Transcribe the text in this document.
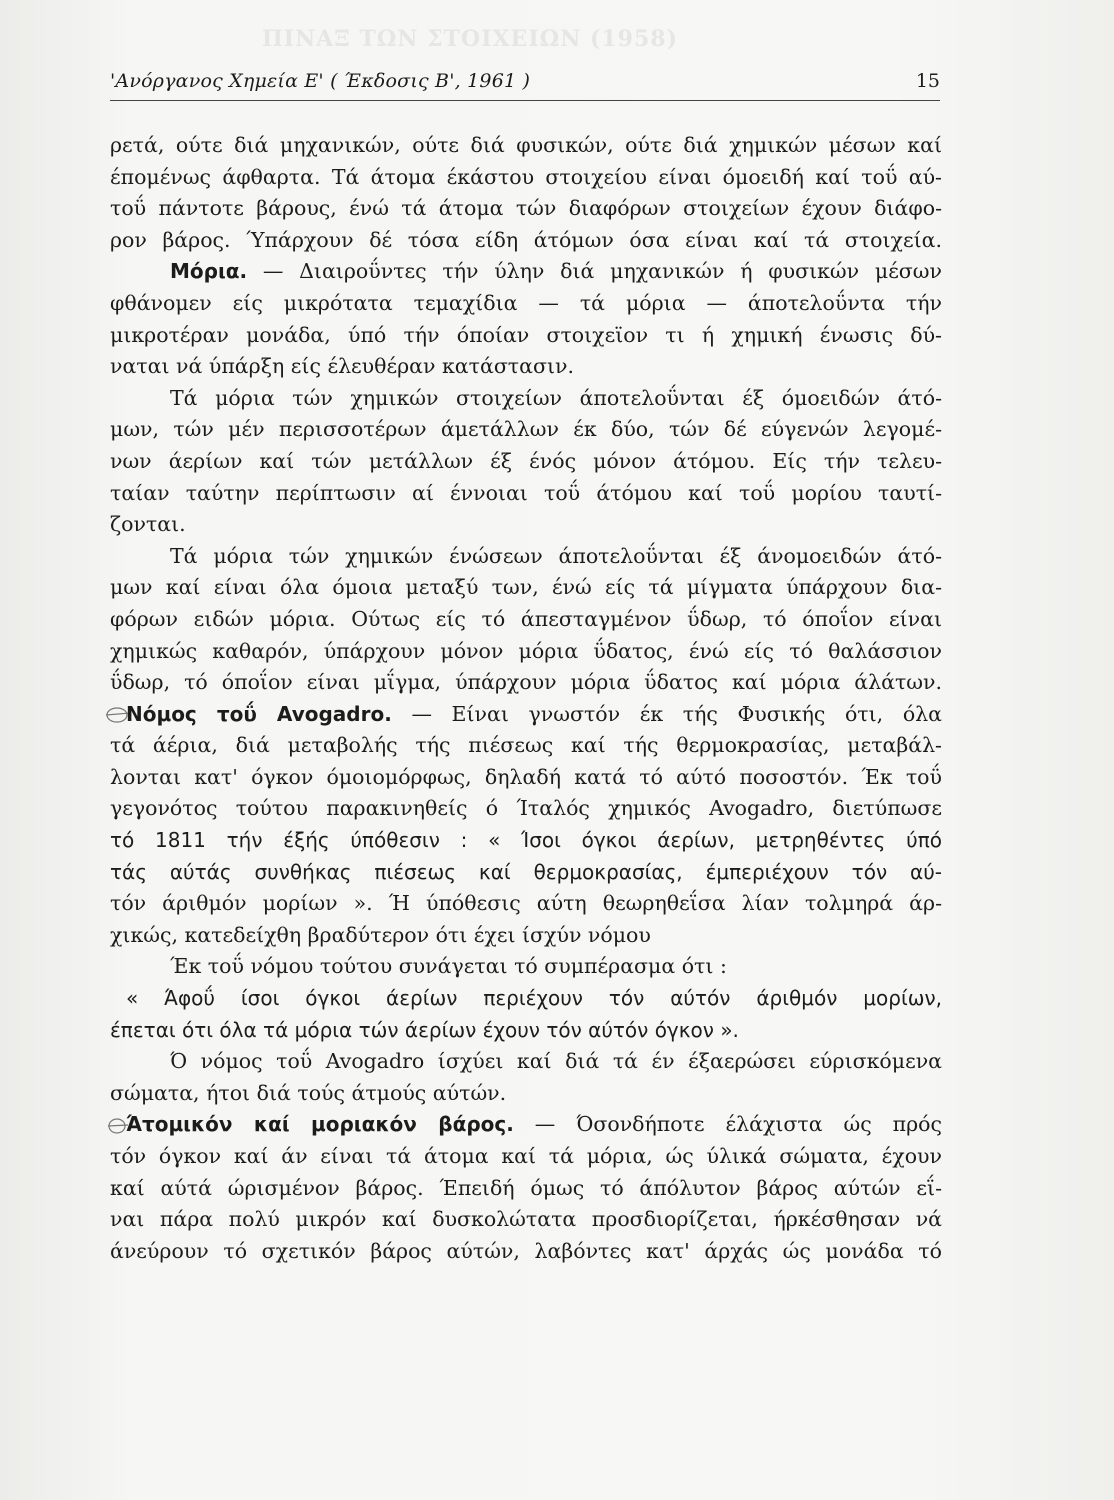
ΠΙΝΑΞ ΤΩΝ ΣΤΟΙΧΕΙΩΝ (1958)
'Ανόργανος Χημεία Ε' ( Έκδοσις Β', 1961 )	15
ρετά, ούτε διά μηχανικών, ούτε διά φυσικών, ούτε διά χημικών μέσων καί
έπομένως άφθαρτα. Τά άτομα έκάστου στοιχείου είναι όμοειδή καί τοΰ αύ-
τοΰ πάντοτε βάρους, ένώ τά άτομα τών διαφόρων στοιχείων έχουν διάφο-
ρον βάρος. Ύπάρχουν δέ τόσα είδη άτόμων όσα είναι καί τά στοιχεία.
Μόρια. — Διαιροΰντες τήν ύλην διά μηχανικών ή φυσικών μέσων
φθάνομεν είς μικρότατα τεμαχίδια — τά μόρια — άποτελοΰντα τήν
μικροτέραν μονάδα, ύπό τήν όποίαν στοιχεϊον τι ή χημική ένωσις δύ-
ναται νά ύπάρξη είς έλευθέραν κατάστασιν.
Τά μόρια τών χημικών στοιχείων άποτελοΰνται έξ όμοειδών άτό-
μων, τών μέν περισσοτέρων άμετάλλων έκ δύο, τών δέ εύγενών λεγομέ-
νων άερίων καί τών μετάλλων έξ ένός μόνον άτόμου. Είς τήν τελευ-
ταίαν ταύτην περίπτωσιν αί έννοιαι τοΰ άτόμου καί τοΰ μορίου ταυτί-
ζονται.
Τά μόρια τών χημικών ένώσεων άποτελοΰνται έξ άνομοειδών άτό-
μων καί είναι όλα όμοια μεταξύ των, ένώ είς τά μίγματα ύπάρχουν δια-
φόρων ειδών μόρια. Ούτως είς τό άπεσταγμένον ΰδωρ, τό όποΐον είναι
χημικώς καθαρόν, ύπάρχουν μόνον μόρια ΰδατος, ένώ είς τό θαλάσσιον
ΰδωρ, τό όποΐον είναι μΐγμα, ύπάρχουν μόρια ΰδατος καί μόρια άλάτων.
Νόμος τοΰ Avogadro. — Είναι γνωστόν έκ τής Φυσικής ότι, όλα
τά άέρια, διά μεταβολής τής πιέσεως καί τής θερμοκρασίας, μεταβάλ-
λονται κατ' όγκον όμοιομόρφως, δηλαδή κατά τό αύτό ποσοστόν. Έκ τοΰ
γεγονότος τούτου παρακινηθείς ό Ίταλός χημικός Avogadro, διετύπωσε
τό 1811 τήν έξής ύπόθεσιν : « Ίσοι όγκοι άερίων, μετρηθέντες ύπό
τάς αύτάς συνθήκας πιέσεως καί θερμοκρασίας, έμπεριέχουν τόν αύ-
τόν άριθμόν μορίων ». Ή ύπόθεσις αύτη θεωρηθεΐσα λίαν τολμηρά άρ-
χικώς, κατεδείχθη βραδύτερον ότι έχει ίσχύν νόμου
Έκ τοΰ νόμου τούτου συνάγεται τό συμπέρασμα ότι :
« Άφοΰ ίσοι όγκοι άερίων περιέχουν τόν αύτόν άριθμόν μορίων,
έπεται ότι όλα τά μόρια τών άερίων έχουν τόν αύτόν όγκον ».
Ό νόμος τοΰ Avogadro ίσχύει καί διά τά έν έξαερώσει εύρισκόμενα
σώματα, ήτοι διά τούς άτμούς αύτών.
Άτομικόν καί μοριακόν βάρος. — Όσονδήποτε έλάχιστα ώς πρός
τόν όγκον καί άν είναι τά άτομα καί τά μόρια, ώς ύλικά σώματα, έχουν
καί αύτά ώρισμένον βάρος. Έπειδή όμως τό άπόλυτον βάρος αύτών εΐ-
ναι πάρα πολύ μικρόν καί δυσκολώτατα προσδιορίζεται, ήρκέσθησαν νά
άνεύρουν τό σχετικόν βάρος αύτών, λαβόντες κατ' άρχάς ώς μονάδα τό
